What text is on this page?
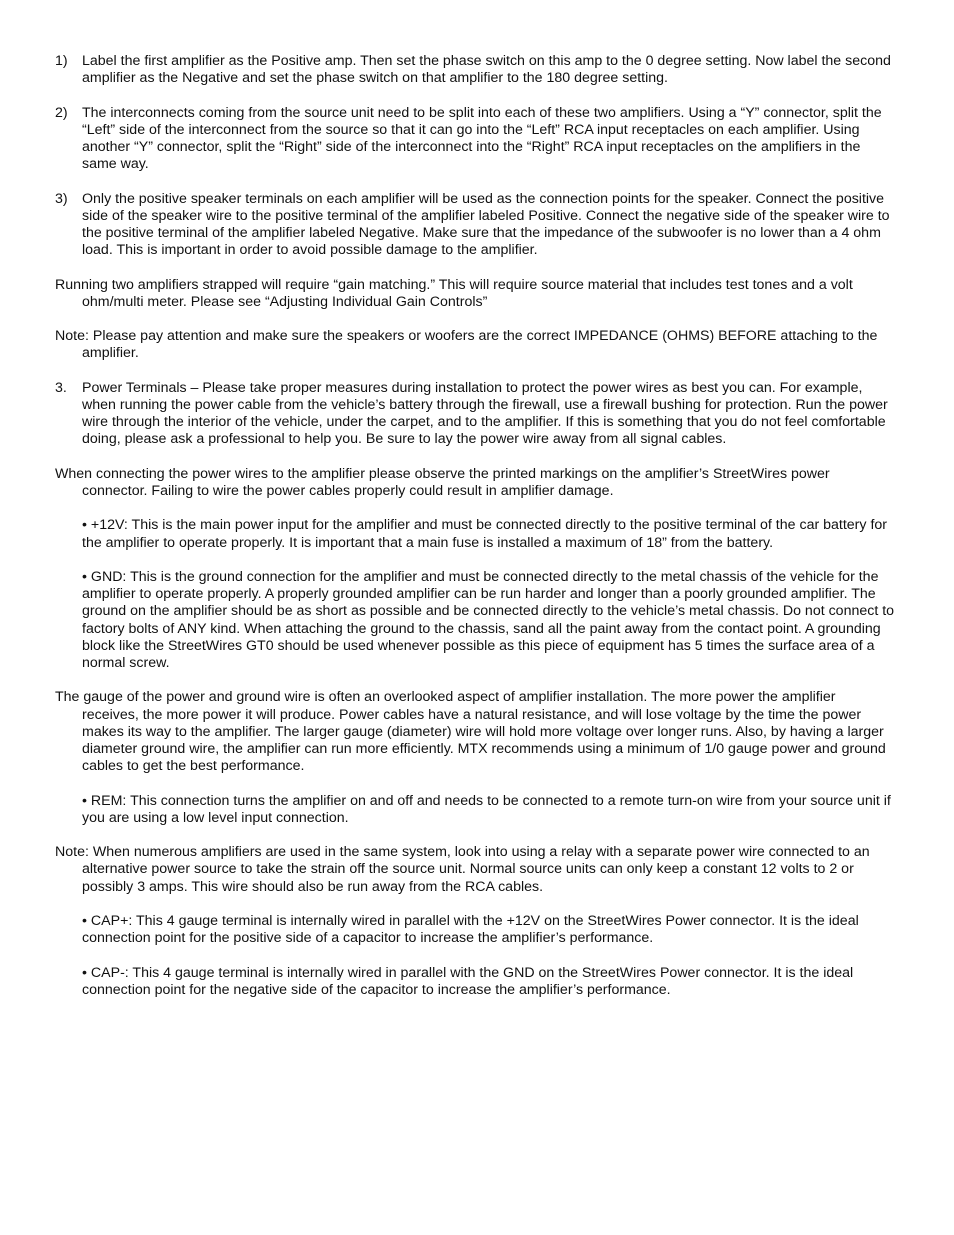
1)	Label the first amplifier as the Positive amp. Then set the phase switch on this amp to the 0 degree setting. Now label the second amplifier as the Negative and set the phase switch on that amplifier to the 180 degree setting.
2)	The interconnects coming from the source unit need to be split into each of these two amplifiers. Using a “Y” connector, split the “Left” side of the interconnect from the source so that it can go into the “Left” RCA input receptacles on each amplifier. Using another “Y” connector, split the “Right” side of the interconnect into the “Right” RCA input receptacles on the amplifiers in the same way.
3)	Only the positive speaker terminals on each amplifier will be used as the connection points for the speaker. Connect the positive side of the speaker wire to the positive terminal of the amplifier labeled Positive. Connect the negative side of the speaker wire to the positive terminal of the amplifier labeled Negative. Make sure that the impedance of the subwoofer is no lower than a 4 ohm load. This is important in order to avoid possible damage to the amplifier.
Running two amplifiers strapped will require “gain matching.” This will require source material that includes test tones and a volt ohm/multi meter. Please see “Adjusting Individual Gain Controls”
Note: Please pay attention and make sure the speakers or woofers are the correct IMPEDANCE (OHMS) BEFORE attaching to the amplifier.
3.	Power Terminals – Please take proper measures during installation to protect the power wires as best you can. For example, when running the power cable from the vehicle’s battery through the firewall, use a firewall bushing for protection. Run the power wire through the interior of the vehicle, under the carpet, and to the amplifier. If this is something that you do not feel comfortable doing, please ask a professional to help you. Be sure to lay the power wire away from all signal cables.
When connecting the power wires to the amplifier please observe the printed markings on the amplifier’s StreetWires power connector. Failing to wire the power cables properly could result in amplifier damage.
• +12V: This is the main power input for the amplifier and must be connected directly to the positive terminal of the car battery for the amplifier to operate properly. It is important that a main fuse is installed a maximum of 18” from the battery.
• GND: This is the ground connection for the amplifier and must be connected directly to the metal chassis of the vehicle for the amplifier to operate properly. A properly grounded amplifier can be run harder and longer than a poorly grounded amplifier. The ground on the amplifier should be as short as possible and be connected directly to the vehicle’s metal chassis. Do not connect to factory bolts of ANY kind. When attaching the ground to the chassis, sand all the paint away from the contact point. A grounding block like the StreetWires GT0 should be used whenever possible as this piece of equipment has 5 times the surface area of a normal screw.
The gauge of the power and ground wire is often an overlooked aspect of amplifier installation. The more power the amplifier receives, the more power it will produce. Power cables have a natural resistance, and will lose voltage by the time the power makes its way to the amplifier. The larger gauge (diameter) wire will hold more voltage over longer runs. Also, by having a larger diameter ground wire, the amplifier can run more efficiently. MTX recommends using a minimum of 1/0 gauge power and ground cables to get the best performance.
• REM: This connection turns the amplifier on and off and needs to be connected to a remote turn-on wire from your source unit if you are using a low level input connection.
Note: When numerous amplifiers are used in the same system, look into using a relay with a separate power wire connected to an alternative power source to take the strain off the source unit. Normal source units can only keep a constant 12 volts to 2 or possibly 3 amps. This wire should also be run away from the RCA cables.
• CAP+: This 4 gauge terminal is internally wired in parallel with the +12V on the StreetWires Power connector. It is the ideal connection point for the positive side of a capacitor to increase the amplifier’s performance.
• CAP-: This 4 gauge terminal is internally wired in parallel with the GND on the StreetWires Power connector. It is the ideal connection point for the negative side of the capacitor to increase the amplifier’s performance.
